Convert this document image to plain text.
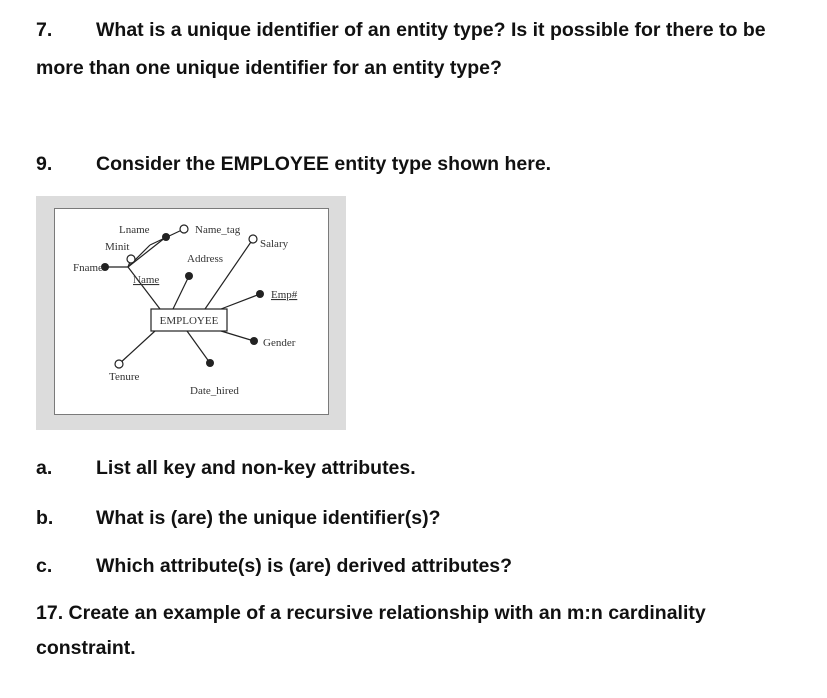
7. What is a unique identifier of an entity type? Is it possible for there to be
more than one unique identifier for an entity type?
9. Consider the EMPLOYEE entity type shown here.
EMPLOYEE
Lname
Minit
Fname
Name
Name_tag
Address
Salary
Emp#
Gender
Tenure
Date_hired
a. List all key and non-key attributes.
b. What is (are) the unique identifier(s)?
c. Which attribute(s) is (are) derived attributes?
17. Create an example of a recursive relationship with an m:n cardinality
constraint.
